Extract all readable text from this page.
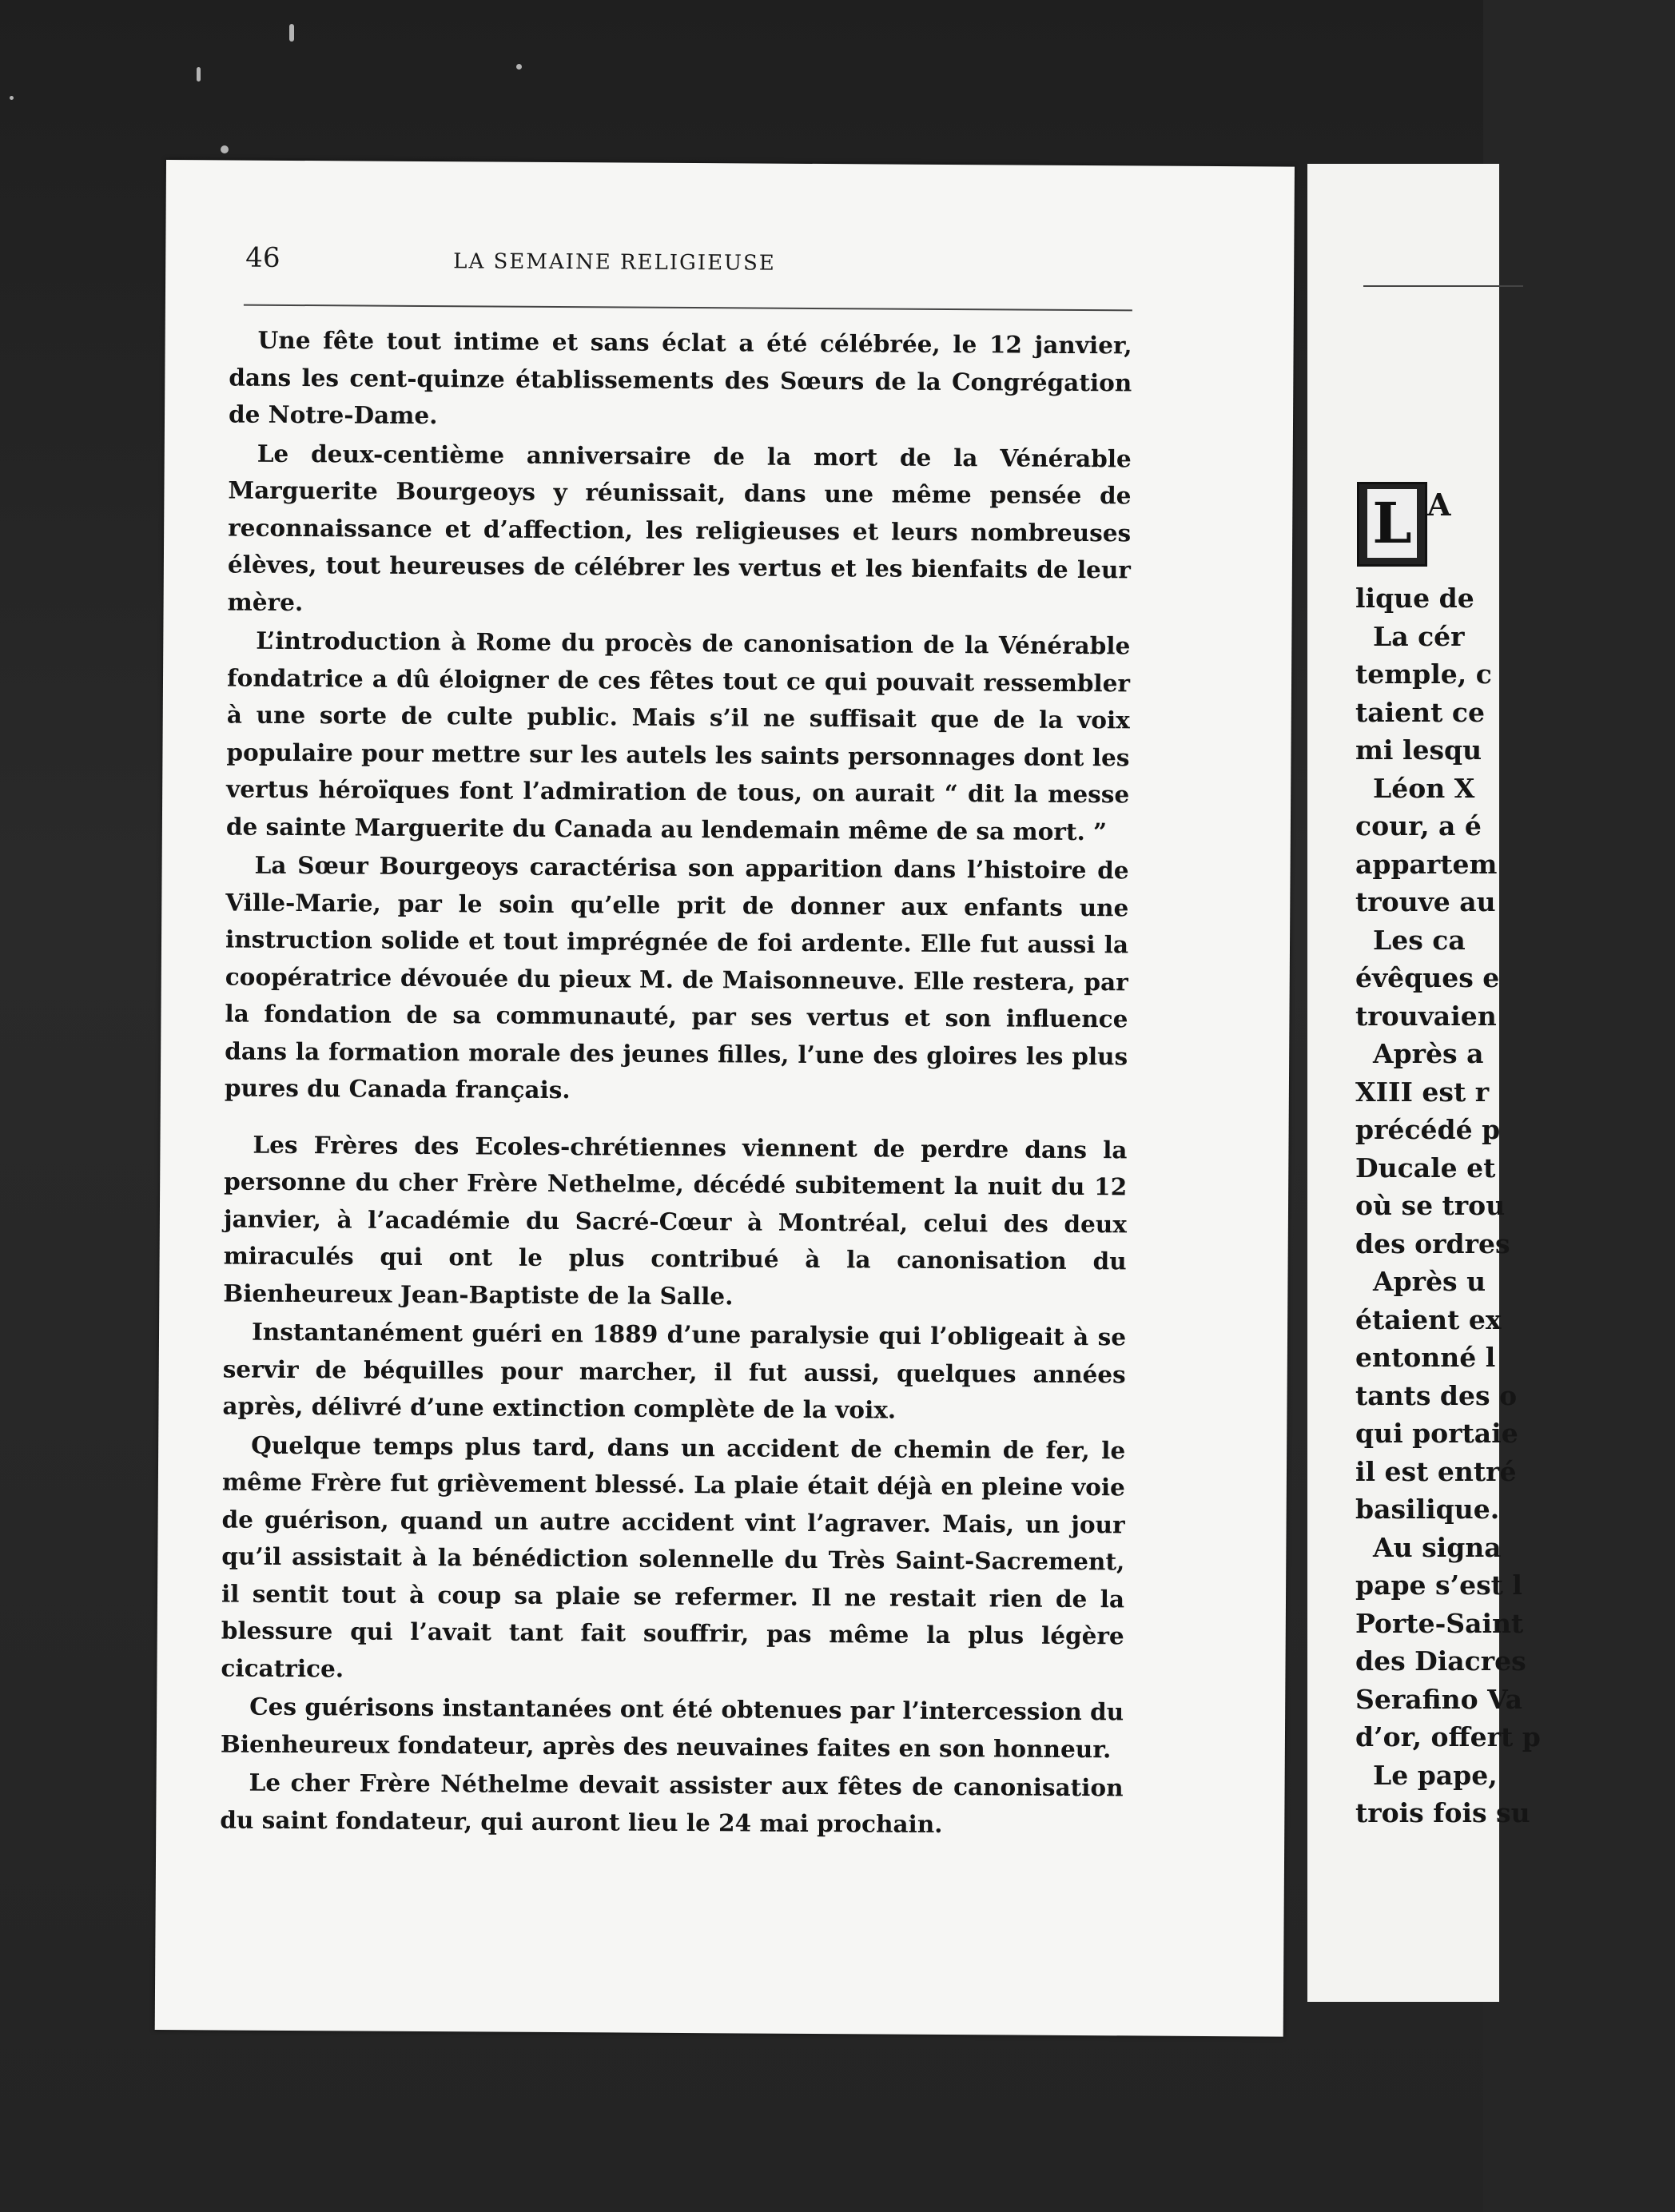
46	LA SEMAINE RELIGIEUSE

Une fête tout intime et sans éclat a été célébrée, le 12 janvier, dans les cent-quinze établissements des Sœurs de la Congrégation de Notre-Dame.

Le deux-centième anniversaire de la mort de la Vénérable Marguerite Bourgeoys y réunissait, dans une même pensée de reconnaissance et d’affection, les religieuses et leurs nombreuses élèves, tout heureuses de célébrer les vertus et les bienfaits de leur mère.

L’introduction à Rome du procès de canonisation de la Vénérable fondatrice a dû éloigner de ces fêtes tout ce qui pouvait ressembler à une sorte de culte public. Mais s’il ne suffisait que de la voix populaire pour mettre sur les autels les saints personnages dont les vertus héroïques font l’admiration de tous, on aurait “ dit la messe de sainte Marguerite du Canada au lendemain même de sa mort. ”

La Sœur Bourgeoys caractérisa son apparition dans l’histoire de Ville-Marie, par le soin qu’elle prit de donner aux enfants une instruction solide et tout imprégnée de foi ardente. Elle fut aussi la coopératrice dévouée du pieux M. de Maisonneuve. Elle restera, par la fondation de sa communauté, par ses vertus et son influence dans la formation morale des jeunes filles, l’une des gloires les plus pures du Canada français.

Les Frères des Ecoles-chrétiennes viennent de perdre dans la personne du cher Frère Nethelme, décédé subitement la nuit du 12 janvier, à l’académie du Sacré-Cœur à Montréal, celui des deux miraculés qui ont le plus contribué à la canonisation du Bienheureux Jean-Baptiste de la Salle.

Instantanément guéri en 1889 d’une paralysie qui l’obligeait à se servir de béquilles pour marcher, il fut aussi, quelques années après, délivré d’une extinction complète de la voix.

Quelque temps plus tard, dans un accident de chemin de fer, le même Frère fut grièvement blessé. La plaie était déjà en pleine voie de guérison, quand un autre accident vint l’agraver. Mais, un jour qu’il assistait à la bénédiction solennelle du Très Saint-Sacrement, il sentit tout à coup sa plaie se refermer. Il ne restait rien de la blessure qui l’avait tant fait souffrir, pas même la plus légère cicatrice.

Ces guérisons instantanées ont été obtenues par l’intercession du Bienheureux fondateur, après des neuvaines faites en son honneur.

Le cher Frère Néthelme devait assister aux fêtes de canonisation du saint fondateur, qui auront lieu le 24 mai prochain.

L A
lique de
La cér
temple, c
taient ce
mi lesqu
Léon X
cour, a é
appartem
trouve au
Les ca
évêques e
trouvaien
Après a
XIII est r
précédé p
Ducale et
où se trou
des ordres
Après u
étaient ex
entonné l
tants des o
qui portaie
il est entré
basilique.
Au signa
pape s’est l
Porte-Saint
des Diacres
Serafino Va
d’or, offert p
Le pape,
trois fois su
